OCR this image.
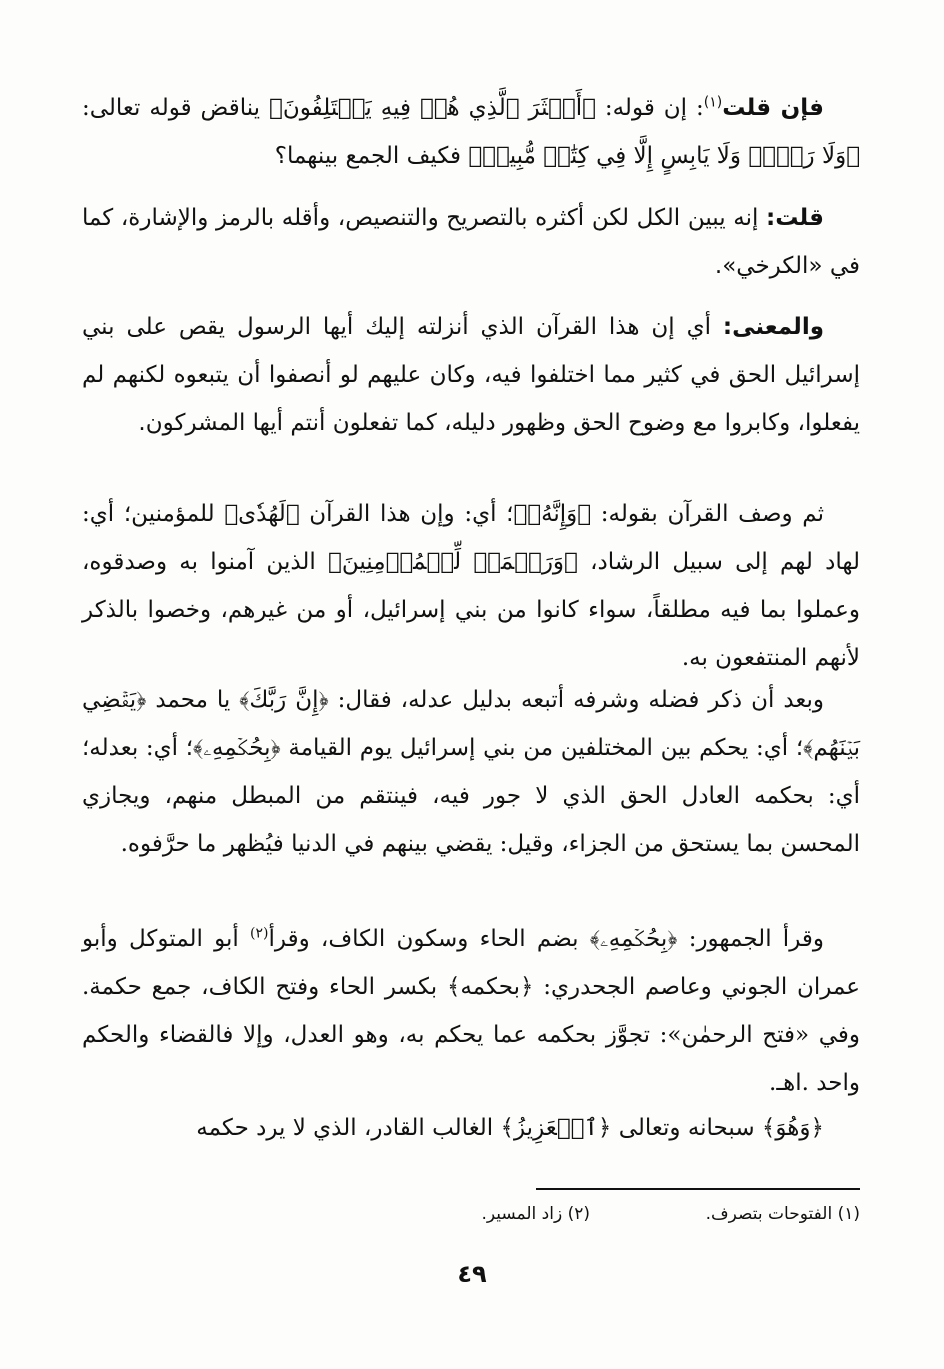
فإن قلت$^{(١)}$: إن قوله: ﴿أَكۡثَرَ ٱلَّذِي هُمۡ فِيهِ يَخۡتَلِفُونَ﴾ يناقض قوله تعالى: ﴿وَلَا رَطۡبٖ وَلَا يَابِسٍ إِلَّا فِي كِتَٰبٖ مُّبِينٖ﴾ فكيف الجمع بينهما؟

قلت: إنه يبين الكل لكن أكثره بالتصريح والتنصيص، وأقله بالرمز والإشارة، كما في «الكرخي».

والمعنى: أي إن هذا القرآن الذي أنزلته إليك أيها الرسول يقص على بني إسرائيل الحق في كثير مما اختلفوا فيه، وكان عليهم لو أنصفوا أن يتبعوه لكنهم لم يفعلوا، وكابروا مع وضوح الحق وظهور دليله، كما تفعلون أنتم أيها المشركون.

ثم وصف القرآن بقوله: ﴿وَإِنَّهُۥ﴾؛ أي: وإن هذا القرآن ﴿لَهُدٗى﴾ للمؤمنين؛ أي: لهاد لهم إلى سبيل الرشاد، ﴿وَرَحۡمَةٞ لِّلۡمُؤۡمِنِينَ﴾ الذين آمنوا به وصدقوه، وعملوا بما فيه مطلقاً، سواء كانوا من بني إسرائيل، أو من غيرهم، وخصوا بالذكر لأنهم المنتفعون به.

وبعد أن ذكر فضله وشرفه أتبعه بدليل عدله، فقال: ﴿إِنَّ رَبَّكَ﴾ يا محمد ﴿يَقۡضِي بَيۡنَهُم﴾؛ أي: يحكم بين المختلفين من بني إسرائيل يوم القيامة ﴿بِحُكۡمِهِۦ﴾؛ أي: بعدله؛ أي: بحكمه العادل الحق الذي لا جور فيه، فينتقم من المبطل منهم، ويجازي المحسن بما يستحق من الجزاء، وقيل: يقضي بينهم في الدنيا فيُظهر ما حرَّفوه.

وقرأ الجمهور: ﴿بِحُكۡمِهِۦ﴾ بضم الحاء وسكون الكاف، وقرأ$^{(٢)}$ أبو المتوكل وأبو عمران الجوني وعاصم الجحدري: ﴿بحكمه﴾ بكسر الحاء وفتح الكاف، جمع حكمة. وفي «فتح الرحمٰن»: تجوَّز بحكمه عما يحكم به، وهو العدل، وإلا فالقضاء والحكم واحد .اهـ.

﴿وَهُوَ﴾ سبحانه وتعالى ﴿ٱلۡعَزِيزُ﴾ الغالب القادر، الذي لا يرد حكمه

(١) الفتوحات بتصرف.
(٢) زاد المسير.
٤٩
